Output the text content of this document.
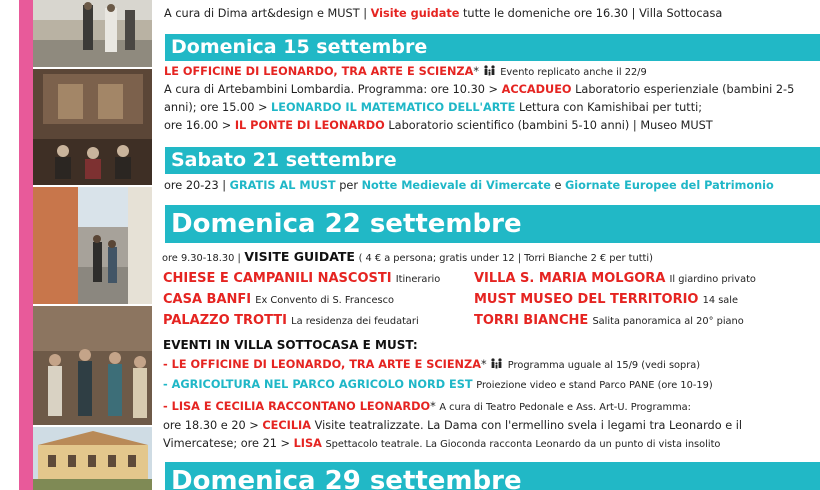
A cura di Dima art&design e MUST | Visite guidate tutte le domeniche ore 16.30 | Villa Sottocasa
Domenica 15 settembre
LE OFFICINE DI LEONARDO, TRA ARTE E SCIENZA* Evento replicato anche il 22/9
A cura di Artebambini Lombardia. Programma: ore 10.30 > ACCADUEO Laboratorio esperienziale (bambini 2-5
anni); ore 15.00 > LEONARDO IL MATEMATICO DELL'ARTE Lettura con Kamishibai per tutti;
ore 16.00 > IL PONTE DI LEONARDO Laboratorio scientifico (bambini 5-10 anni) | Museo MUST
Sabato 21 settembre
ore 20-23 | GRATIS AL MUST per Notte Medievale di Vimercate e Giornate Europee del Patrimonio
Domenica 22 settembre
ore 9.30-18.30 | VISITE GUIDATE ( 4 € a persona; gratis under 12 | Torri Bianche 2 € per tutti)
CHIESE E CAMPANILI NASCOSTI Itinerario
CASA BANFI Ex Convento di S. Francesco
PALAZZO TROTTI La residenza dei feudatari
VILLA S. MARIA MOLGORA Il giardino privato
MUST MUSEO DEL TERRITORIO 14 sale
TORRI BIANCHE Salita panoramica al 20° piano
EVENTI IN VILLA SOTTOCASA E MUST:
- LE OFFICINE DI LEONARDO, TRA ARTE E SCIENZA* Programma uguale al 15/9 (vedi sopra)
- AGRICOLTURA NEL PARCO AGRICOLO NORD EST Proiezione video e stand Parco PANE (ore 10-19)
- LISA E CECILIA RACCONTANO LEONARDO* A cura di Teatro Pedonale e Ass. Art-U. Programma:
ore 18.30 e 20 > CECILIA Visite teatralizzate. La Dama con l'ermellino svela i legami tra Leonardo e il
Vimercatese; ore 21 > LISA Spettacolo teatrale. La Gioconda racconta Leonardo da un punto di vista insolito
Domenica 29 settembre
